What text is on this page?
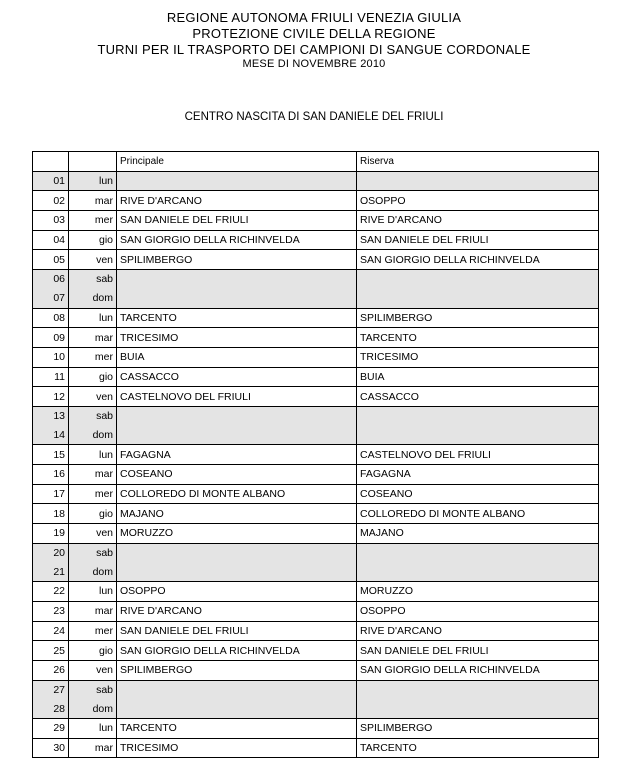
REGIONE AUTONOMA FRIULI VENEZIA GIULIA
PROTEZIONE CIVILE DELLA REGIONE
TURNI PER IL TRASPORTO DEI CAMPIONI DI SANGUE CORDONALE
MESE DI NOVEMBRE 2010
CENTRO NASCITA DI SAN DANIELE DEL FRIULI
		Principale	Riserva
01	lun		
02	mar	RIVE D'ARCANO	OSOPPO
03	mer	SAN DANIELE DEL FRIULI	RIVE D'ARCANO
04	gio	SAN GIORGIO DELLA RICHINVELDA	SAN DANIELE DEL FRIULI
05	ven	SPILIMBERGO	SAN GIORGIO DELLA RICHINVELDA
06	sab		
07	dom		
08	lun	TARCENTO	SPILIMBERGO
09	mar	TRICESIMO	TARCENTO
10	mer	BUIA	TRICESIMO
11	gio	CASSACCO	BUIA
12	ven	CASTELNOVO DEL FRIULI	CASSACCO
13	sab		
14	dom		
15	lun	FAGAGNA	CASTELNOVO DEL FRIULI
16	mar	COSEANO	FAGAGNA
17	mer	COLLOREDO DI MONTE ALBANO	COSEANO
18	gio	MAJANO	COLLOREDO DI MONTE ALBANO
19	ven	MORUZZO	MAJANO
20	sab		
21	dom		
22	lun	OSOPPO	MORUZZO
23	mar	RIVE D'ARCANO	OSOPPO
24	mer	SAN DANIELE DEL FRIULI	RIVE D'ARCANO
25	gio	SAN GIORGIO DELLA RICHINVELDA	SAN DANIELE DEL FRIULI
26	ven	SPILIMBERGO	SAN GIORGIO DELLA RICHINVELDA
27	sab		
28	dom		
29	lun	TARCENTO	SPILIMBERGO
30	mar	TRICESIMO	TARCENTO
